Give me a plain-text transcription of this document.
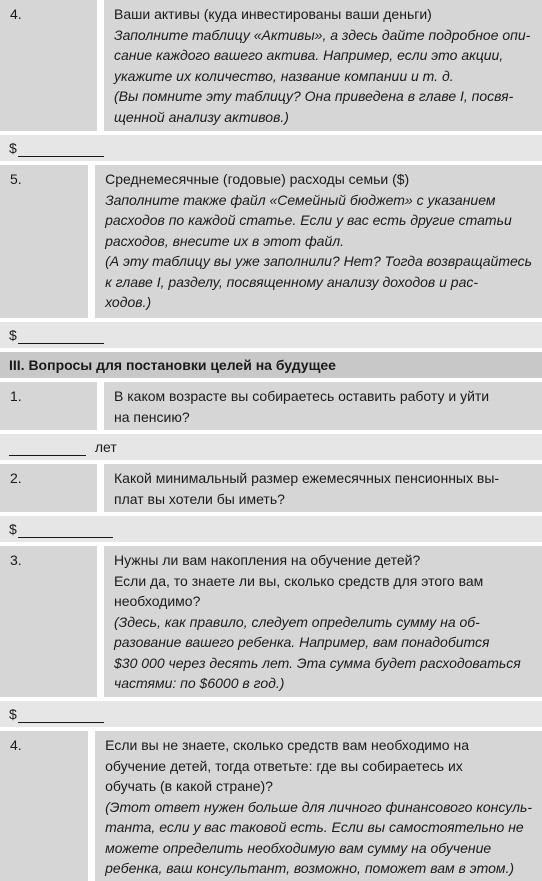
4.	Ваши активы (куда инвестированы ваши деньги)
Заполните таблицу «Активы», а здесь дайте подробное опи-
сание каждого вашего актива. Например, если это акции,
укажите их количество, название компании и т. д.
(Вы помните эту таблицу? Она приведена в главе I, посвя-
щенной анализу активов.)
$
5.	Среднемесячные (годовые) расходы семьи ($)
Заполните также файл «Семейный бюджет» с указанием
расходов по каждой статье. Если у вас есть другие статьи
расходов, внесите их в этот файл.
(А эту таблицу вы уже заполнили? Нет? Тогда возвращайтесь
к главе I, разделу, посвященному анализу доходов и рас-
ходов.)
$
III. Вопросы для постановки целей на будущее
1.	В каком возрасте вы собираетесь оставить работу и уйти
на пенсию?
лет
2.	Какой минимальный размер ежемесячных пенсионных вы-
плат вы хотели бы иметь?
$
3.	Нужны ли вам накопления на обучение детей?
Если да, то знаете ли вы, сколько средств для этого вам
необходимо?
(Здесь, как правило, следует определить сумму на об-
разование вашего ребенка. Например, вам понадобится
$30 000 через десять лет. Эта сумма будет расходоваться
частями: по $6000 в год.)
$
4.	Если вы не знаете, сколько средств вам необходимо на
обучение детей, тогда ответьте: где вы собираетесь их
обучать (в какой стране)?
(Этот ответ нужен больше для личного финансового консуль-
танта, если у вас таковой есть. Если вы самостоятельно не
можете определить необходимую вам сумму на обучение
ребенка, ваш консультант, возможно, поможет вам в этом.)
